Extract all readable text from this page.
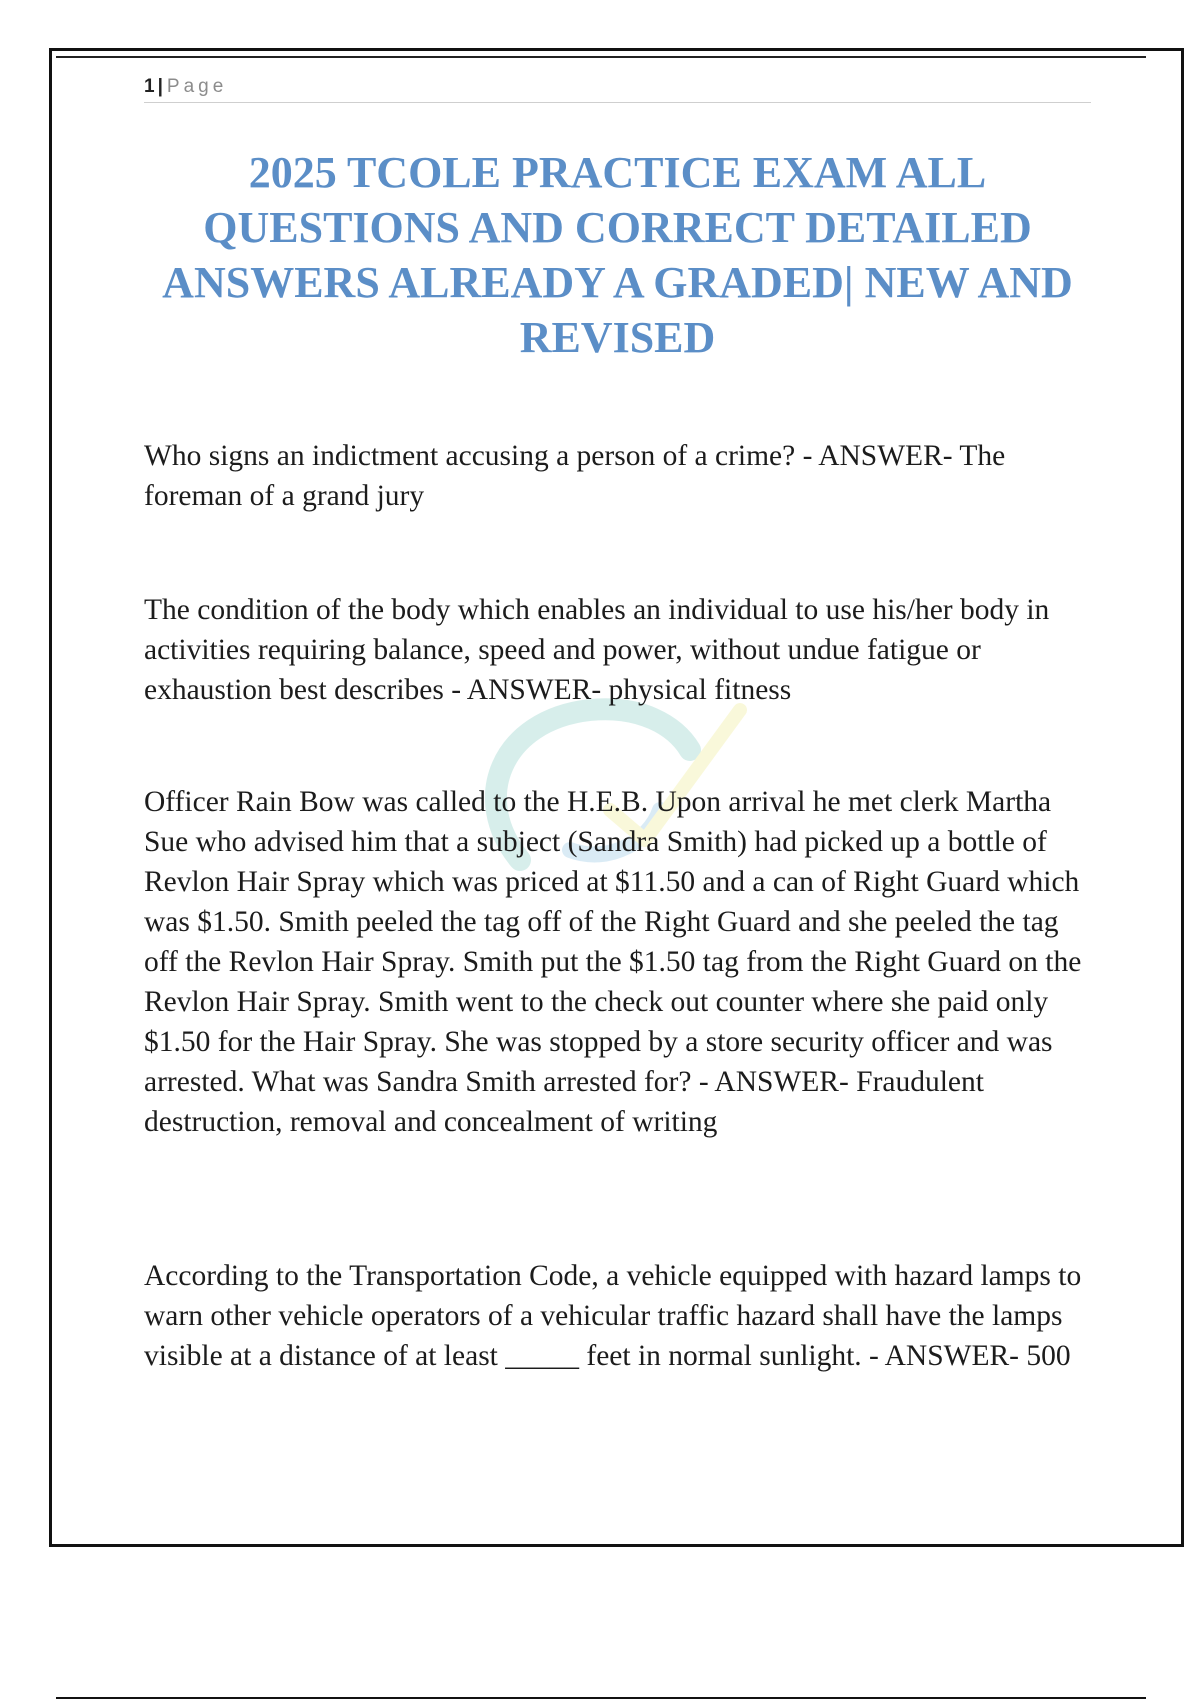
1 | Page
2025 TCOLE PRACTICE EXAM ALL QUESTIONS AND CORRECT DETAILED ANSWERS ALREADY A GRADED| NEW AND REVISED

Who signs an indictment accusing a person of a crime? - ANSWER- The foreman of a grand jury

The condition of the body which enables an individual to use his/her body in activities requiring balance, speed and power, without undue fatigue or exhaustion best describes - ANSWER- physical fitness

Officer Rain Bow was called to the H.E.B. Upon arrival he met clerk Martha Sue who advised him that a subject (Sandra Smith) had picked up a bottle of Revlon Hair Spray which was priced at $11.50 and a can of Right Guard which was $1.50. Smith peeled the tag off of the Right Guard and she peeled the tag off the Revlon Hair Spray. Smith put the $1.50 tag from the Right Guard on the Revlon Hair Spray. Smith went to the check out counter where she paid only $1.50 for the Hair Spray. She was stopped by a store security officer and was arrested. What was Sandra Smith arrested for? - ANSWER- Fraudulent destruction, removal and concealment of writing

According to the Transportation Code, a vehicle equipped with hazard lamps to warn other vehicle operators of a vehicular traffic hazard shall have the lamps visible at a distance of at least _____ feet in normal sunlight. - ANSWER- 500
